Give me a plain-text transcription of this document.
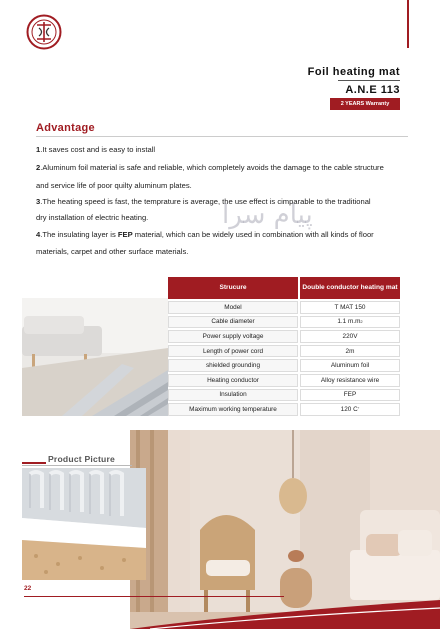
Foil heating mat
A.N.E 113
2 YEARS Warranty
Advantage
1.It saves cost and is easy to install
2.Aluminum foil material is safe and reliable, which completely avoids the damage to the cable structure
and service life of poor quilty aluminum plates.
3.The heating speed is fast, the temprature is average, the use effect is cimparable to the traditional
dry installation of electric heating.
4.The insulating layer is FEP material, which can be widely used in combination with all kinds of floor
materials, carpet and other surface materials.
پیام سرا
Strucure	Double conductor heating mat
Model	T MAT 150
Cable diameter	1.1 m.m 2
Power supply voltage	220V
Length of power cord	2m
shielded grounding	Aluminum foil
Heating conductor	Alloy resistance wire
Insulation	FEP
Maximum working temperature	120 C °
Product Picture
22
